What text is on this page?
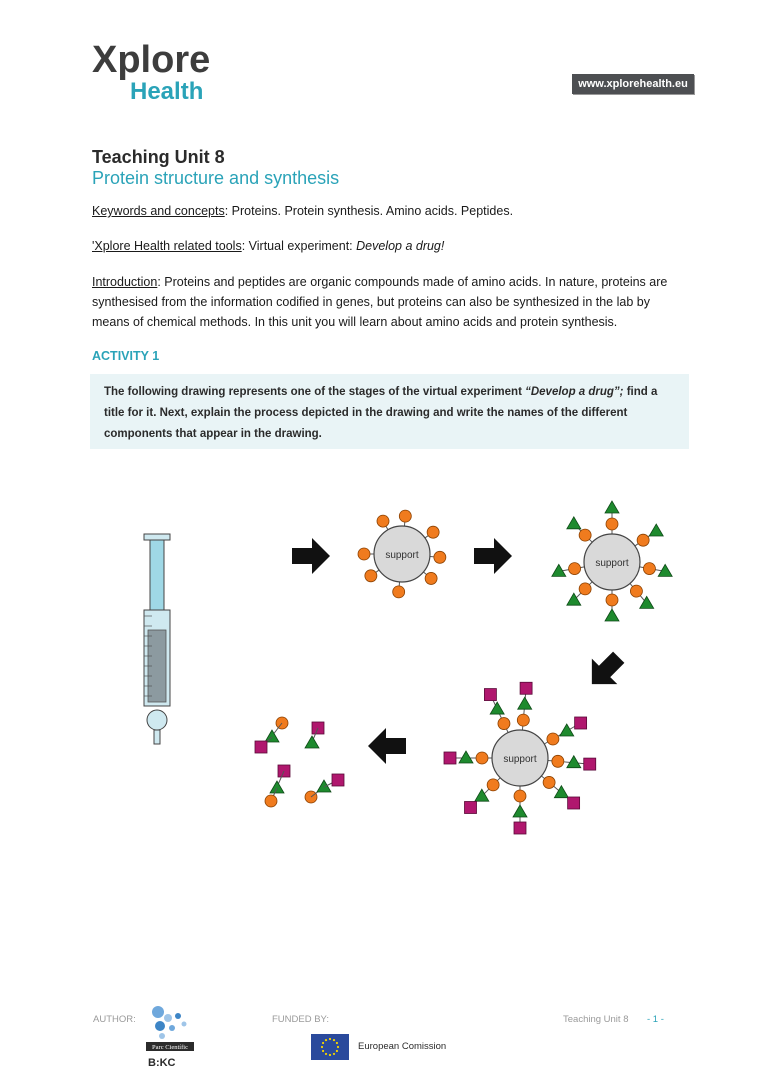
Xplore
Health	www.xplorehealth.eu
Teaching Unit 8
Protein structure and synthesis
Keywords and concepts: Proteins. Protein synthesis. Amino acids. Peptides.
'Xplore Health related tools: Virtual experiment: Develop a drug!
Introduction: Proteins and peptides are organic compounds made of amino acids. In nature, proteins are synthesised from the information codified in genes, but proteins can also be synthesized in the lab by means of chemical methods. In this unit you will learn about amino acids and protein synthesis.
ACTIVITY 1
The following drawing represents one of the stages of the virtual experiment “Develop a drug”; find a title for it. Next, explain the process depicted in the drawing and write the names of the different components that appear in the drawing.
support
support
support
AUTHOR:
Parc Científic
B:KC
FUNDED BY:
European Comission
Teaching Unit 8 - 1 -
